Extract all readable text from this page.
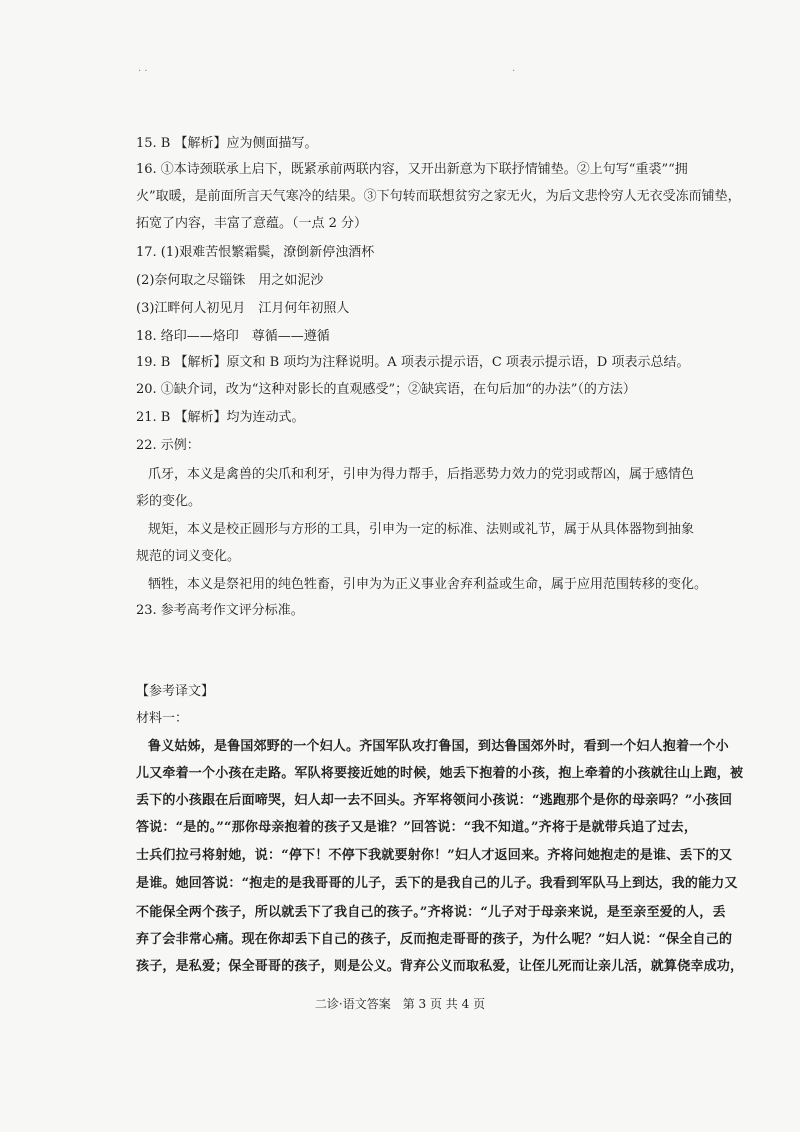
· ·	·
15. B 【解析】应为侧面描写。
16. ①本诗颈联承上启下，既紧承前两联内容，又开出新意为下联抒情铺垫。②上句写“重裘”“拥
火”取暖，是前面所言天气寒冷的结果。③下句转而联想贫穷之家无火，为后文悲怜穷人无衣受冻而铺垫，
拓宽了内容，丰富了意蕴。（一点 2 分）
17. (1)艰难苦恨繁霜鬓，潦倒新停浊酒杯
(2)奈何取之尽锱铢　用之如泥沙
(3)江畔何人初见月　江月何年初照人
18. 络印——烙印　尊循——遵循
19. B 【解析】原文和 B 项均为注释说明。A 项表示提示语，C 项表示提示语，D 项表示总结。
20. ①缺介词，改为“这种对影长的直观感受”；②缺宾语，在句后加“的办法”（的方法）
21. B 【解析】均为连动式。
22. 示例：
爪牙，本义是禽兽的尖爪和利牙，引申为得力帮手，后指恶势力效力的党羽或帮凶，属于感情色
彩的变化。
规矩，本义是校正圆形与方形的工具，引申为一定的标准、法则或礼节，属于从具体器物到抽象
规范的词义变化。
牺牲，本义是祭祀用的纯色牲畜，引申为为正义事业舍弃利益或生命，属于应用范围转移的变化。
23. 参考高考作文评分标准。
【参考译文】
材料一：
鲁义姑姊，是鲁国郊野的一个妇人。齐国军队攻打鲁国，到达鲁国郊外时，看到一个妇人抱着一个小
儿又牵着一个小孩在走路。军队将要接近她的时候，她丢下抱着的小孩，抱上牵着的小孩就往山上跑，被
丢下的小孩跟在后面啼哭，妇人却一去不回头。齐军将领问小孩说：“逃跑那个是你的母亲吗？”小孩回
答说：“是的。”“那你母亲抱着的孩子又是谁？”回答说：“我不知道。”齐将于是就带兵追了过去，
士兵们拉弓将射她，说：“停下！不停下我就要射你！”妇人才返回来。齐将问她抱走的是谁、丢下的又
是谁。她回答说：“抱走的是我哥哥的儿子，丢下的是我自己的儿子。我看到军队马上到达，我的能力又
不能保全两个孩子，所以就丢下了我自己的孩子。”齐将说：“儿子对于母亲来说，是至亲至爱的人，丢
弃了会非常心痛。现在你却丢下自己的孩子，反而抱走哥哥的孩子，为什么呢？”妇人说：“保全自己的
孩子，是私爱；保全哥哥的孩子，则是公义。背弃公义而取私爱，让侄儿死而让亲儿活，就算侥幸成功，
二诊·语文答案　第 3 页 共 4 页
